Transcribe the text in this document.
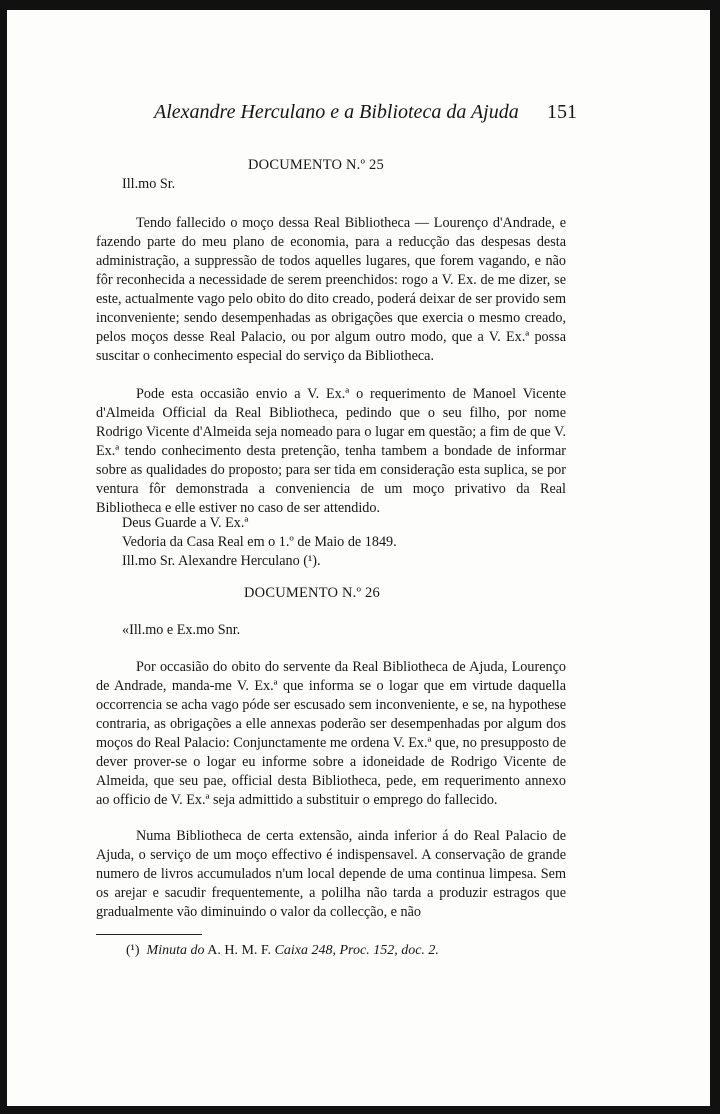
Alexandre Herculano e a Biblioteca da Ajuda 151
DOCUMENTO N.º 25
Ill.mo Sr.
Tendo fallecido o moço dessa Real Bibliotheca — Lourenço d'Andrade, e fazendo parte do meu plano de economia, para a reducção das despesas desta administração, a suppressão de todos aquelles lugares, que forem vagando, e não fôr reconhecida a necessidade de serem preenchidos: rogo a V. Ex. de me dizer, se este, actualmente vago pelo obito do dito creado, poderá deixar de ser provido sem inconveniente; sendo desempenhadas as obrigações que exercia o mesmo creado, pelos moços desse Real Palacio, ou por algum outro modo, que a V. Ex.ª possa suscitar o conhecimento especial do serviço da Bibliotheca.
Pode esta occasião envio a V. Ex.ª o requerimento de Manoel Vicente d'Almeida Official da Real Bibliotheca, pedindo que o seu filho, por nome Rodrigo Vicente d'Almeida seja nomeado para o lugar em questão; a fim de que V. Ex.ª tendo conhecimento desta pretenção, tenha tambem a bondade de informar sobre as qualidades do proposto; para ser tida em consideração esta suplica, se por ventura fôr demonstrada a conveniencia de um moço privativo da Real Bibliotheca e elle estiver no caso de ser attendido.
Deus Guarde a V. Ex.ª
Vedoria da Casa Real em o 1.º de Maio de 1849.
Ill.mo Sr. Alexandre Herculano (¹).
DOCUMENTO N.º 26
«Ill.mo e Ex.mo Snr.
Por occasião do obito do servente da Real Bibliotheca de Ajuda, Lourenço de Andrade, manda-me V. Ex.ª que informa se o logar que em virtude daquella occorrencia se acha vago póde ser escusado sem inconveniente, e se, na hypothese contraria, as obrigações a elle annexas poderão ser desempenhadas por algum dos moços do Real Palacio: Conjunctamente me ordena V. Ex.ª que, no presupposto de dever prover-se o logar eu informe sobre a idoneidade de Rodrigo Vicente de Almeida, que seu pae, official desta Bibliotheca, pede, em requerimento annexo ao officio de V. Ex.ª seja admittido a substituir o emprego do fallecido.
Numa Bibliotheca de certa extensão, ainda inferior á do Real Palacio de Ajuda, o serviço de um moço effectivo é indispensavel. A conservação de grande numero de livros accumulados n'um local depende de uma continua limpesa. Sem os arejar e sacudir frequentemente, a polilha não tarda a produzir estragos que gradualmente vão diminuindo o valor da collecção, e não
(¹) Minuta do A. H. M. F. Caixa 248, Proc. 152, doc. 2.
